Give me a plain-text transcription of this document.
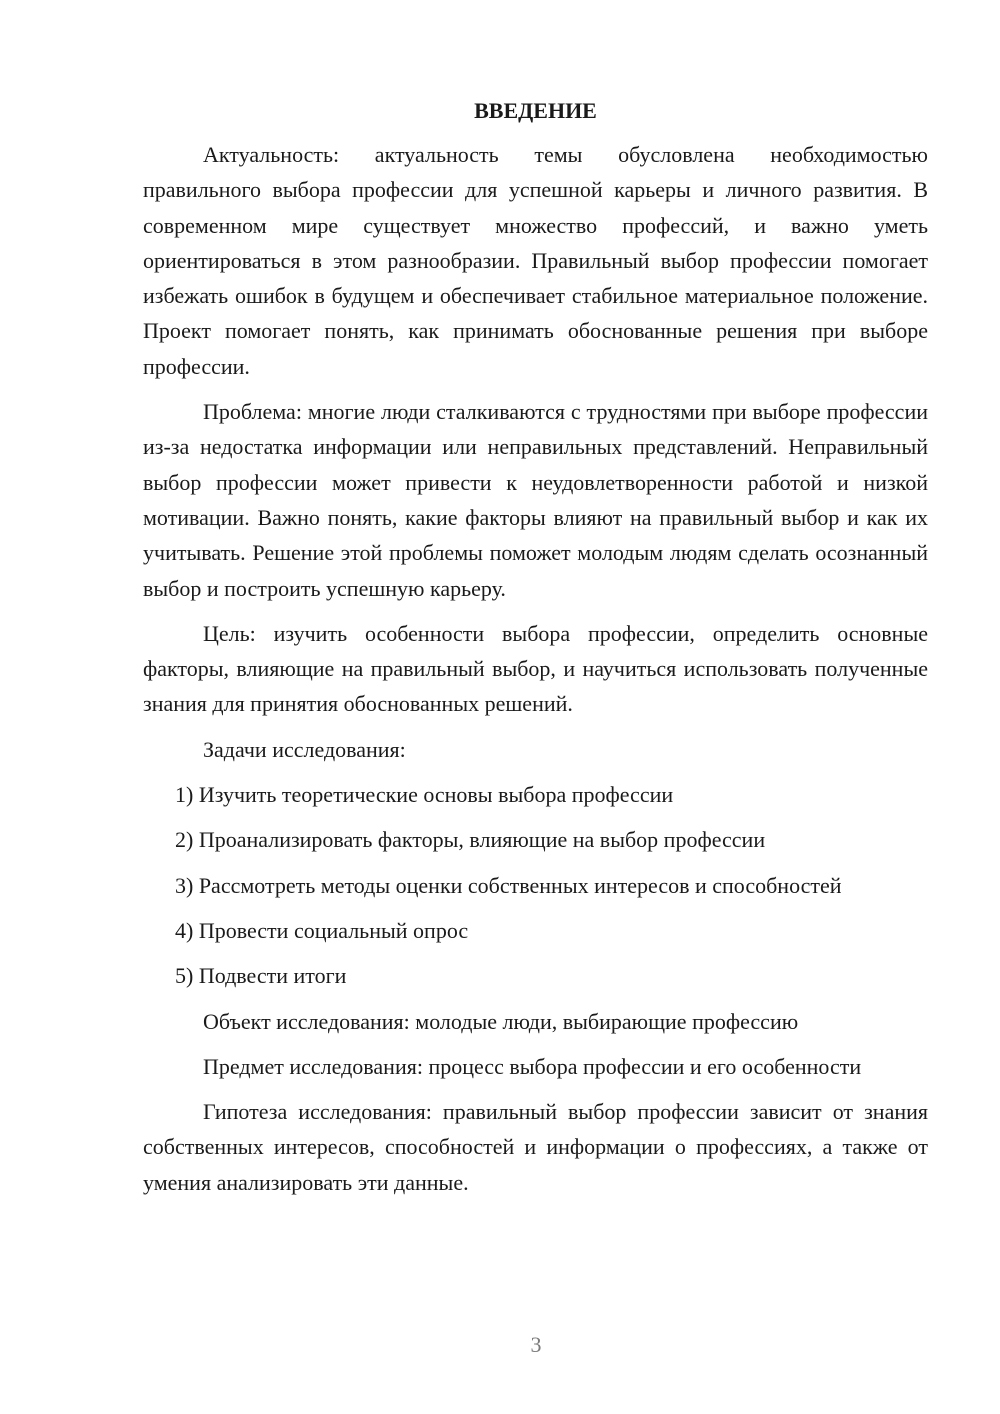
ВВЕДЕНИЕ

Актуальность: актуальность темы обусловлена необходимостью правильного выбора профессии для успешной карьеры и личного развития. В современном мире существует множество профессий, и важно уметь ориентироваться в этом разнообразии. Правильный выбор профессии помогает избежать ошибок в будущем и обеспечивает стабильное материальное положение. Проект помогает понять, как принимать обоснованные решения при выборе профессии.

Проблема: многие люди сталкиваются с трудностями при выборе профессии из-за недостатка информации или неправильных представлений. Неправильный выбор профессии может привести к неудовлетворенности работой и низкой мотивации. Важно понять, какие факторы влияют на правильный выбор и как их учитывать. Решение этой проблемы поможет молодым людям сделать осознанный выбор и построить успешную карьеру.

Цель: изучить особенности выбора профессии, определить основные факторы, влияющие на правильный выбор, и научиться использовать полученные знания для принятия обоснованных решений.

Задачи исследования:

1) Изучить теоретические основы выбора профессии
2) Проанализировать факторы, влияющие на выбор профессии
3) Рассмотреть методы оценки собственных интересов и способностей
4) Провести социальный опрос
5) Подвести итоги

Объект исследования: молодые люди, выбирающие профессию

Предмет исследования: процесс выбора профессии и его особенности

Гипотеза исследования: правильный выбор профессии зависит от знания собственных интересов, способностей и информации о профессиях, а также от умения анализировать эти данные.

3
